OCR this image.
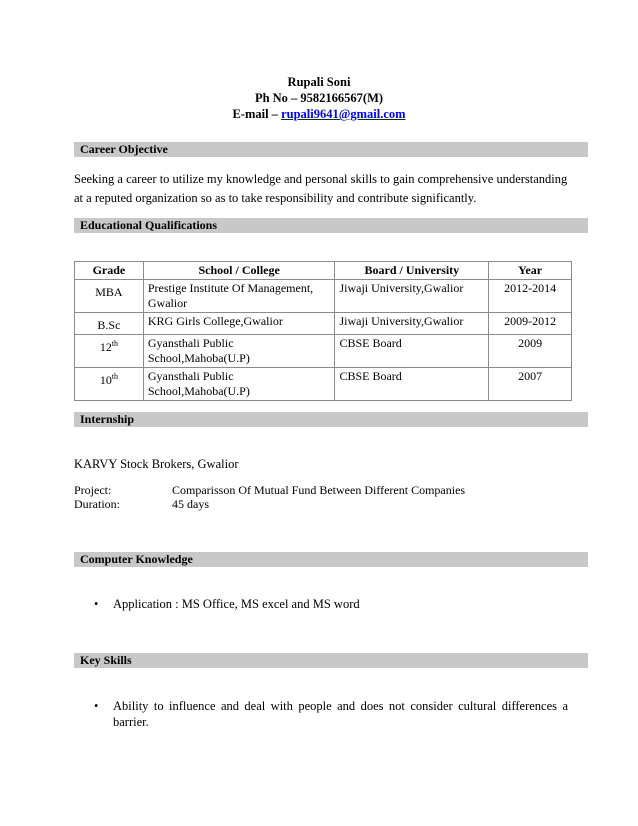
Rupali Soni
Ph No – 9582166567(M)
E-mail – rupali9641@gmail.com
Career Objective
Seeking a career to utilize my knowledge and personal skills to gain comprehensive understanding
at a reputed organization so as to take responsibility and contribute significantly.
Educational Qualifications
Grade	School / College	Board / University	Year
MBA	Prestige Institute Of Management, Gwalior	Jiwaji University,Gwalior	2012-2014
B.Sc	KRG Girls College,Gwalior	Jiwaji University,Gwalior	2009-2012
12th	Gyansthali Public School,Mahoba(U.P)	CBSE Board	2009
10th	Gyansthali Public School,Mahoba(U.P)	CBSE Board	2007
Internship
KARVY Stock Brokers, Gwalior
Project:	Comparisson Of Mutual Fund Between Different Companies
Duration:	45 days
Computer Knowledge
• Application : MS Office, MS excel and MS word
Key Skills
• Ability to influence and deal with people and does not consider cultural differences a barrier.
